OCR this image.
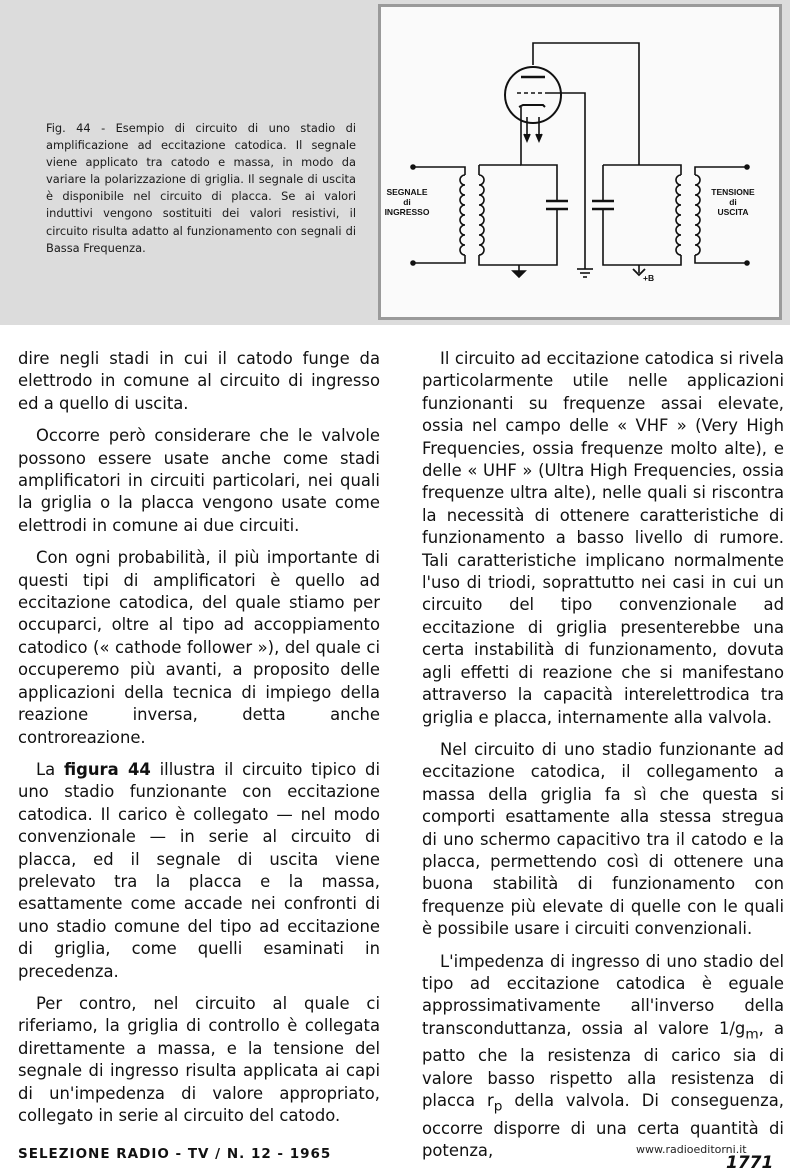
Fig. 44 - Esempio di circuito di uno stadio di amplificazione ad eccitazione catodica. Il segnale viene applicato tra catodo e massa, in modo da variare la polarizzazione di griglia. Il segnale di uscita è disponibile nel circuito di placca. Se ai valori induttivi vengono sostituiti dei valori resistivi, il circuito risulta adatto al funzionamento con segnali di Bassa Frequenza.
SEGNALE
di
INGRESSO
TENSIONE
di
USCITA
+B

dire negli stadi in cui il catodo funge da elettrodo in comune al circuito di ingresso ed a quello di uscita.

Occorre però considerare che le valvole possono essere usate anche come stadi amplificatori in circuiti particolari, nei quali la griglia o la placca vengono usate come elettrodi in comune ai due circuiti.

Con ogni probabilità, il più importante di questi tipi di amplificatori è quello ad eccitazione catodica, del quale stiamo per occuparci, oltre al tipo ad accoppiamento catodico (« cathode follower »), del quale ci occuperemo più avanti, a proposito delle applicazioni della tecnica di impiego della reazione inversa, detta anche controreazione.

La figura 44 illustra il circuito tipico di uno stadio funzionante con eccitazione catodica. Il carico è collegato — nel modo convenzionale — in serie al circuito di placca, ed il segnale di uscita viene prelevato tra la placca e la massa, esattamente come accade nei confronti di uno stadio comune del tipo ad eccitazione di griglia, come quelli esaminati in precedenza.

Per contro, nel circuito al quale ci riferiamo, la griglia di controllo è collegata direttamente a massa, e la tensione del segnale di ingresso risulta applicata ai capi di un'impedenza di valore appropriato, collegato in serie al circuito del catodo.

Il circuito ad eccitazione catodica si rivela particolarmente utile nelle applicazioni funzionanti su frequenze assai elevate, ossia nel campo delle « VHF » (Very High Frequencies, ossia frequenze molto alte), e delle « UHF » (Ultra High Frequencies, ossia frequenze ultra alte), nelle quali si riscontra la necessità di ottenere caratteristiche di funzionamento a basso livello di rumore. Tali caratteristiche implicano normalmente l'uso di triodi, soprattutto nei casi in cui un circuito del tipo convenzionale ad eccitazione di griglia presenterebbe una certa instabilità di funzionamento, dovuta agli effetti di reazione che si manifestano attraverso la capacità interelettrodica tra griglia e placca, internamente alla valvola.

Nel circuito di uno stadio funzionante ad eccitazione catodica, il collegamento a massa della griglia fa sì che questa si comporti esattamente alla stessa stregua di uno schermo capacitivo tra il catodo e la placca, permettendo così di ottenere una buona stabilità di funzionamento con frequenze più elevate di quelle con le quali è possibile usare i circuiti convenzionali.

L'impedenza di ingresso di uno stadio del tipo ad eccitazione catodica è eguale approssimativamente all'inverso della transconduttanza, ossia al valore $1/g_m$, a patto che la resistenza di carico sia di valore basso rispetto alla resistenza di placca $r_p$ della valvola. Di conseguenza, occorre disporre di una certa quantità di potenza,

SELEZIONE RADIO - TV / N. 12 - 1965	www.radioeditorni.it
1771
